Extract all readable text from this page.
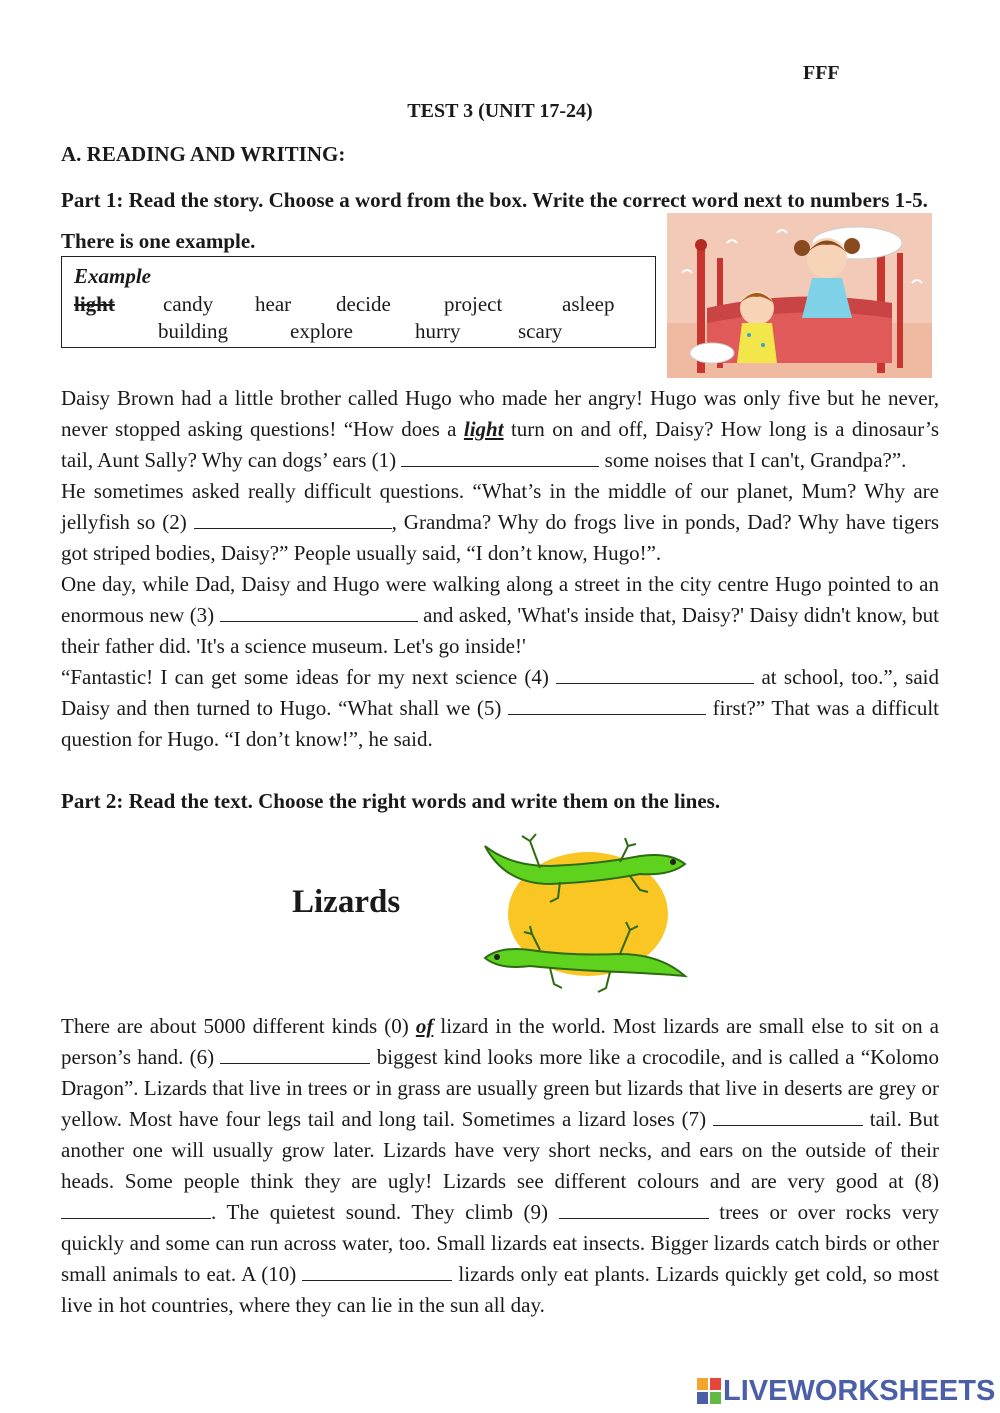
FFF
TEST 3 (UNIT 17-24)
A. READING AND WRITING:
Part 1: Read the story. Choose a word from the box. Write the correct word next to numbers 1-5. There is one example.
Example
light candy hear decide	project	asleep
building	explore	hurry	scary

Daisy Brown had a little brother called Hugo who made her angry! Hugo was only five but he never, never stopped asking questions! “How does a light turn on and off, Daisy? How long is a dinosaur’s tail, Aunt Sally? Why can dogs’ ears (1)	some noises that I can't, Grandpa?”.

He sometimes asked really difficult questions. “What’s in the middle of our planet, Mum? Why are jellyfish so (2)	, Grandma? Why do frogs live in ponds, Dad? Why have tigers got striped bodies, Daisy?” People usually said, “I don’t know, Hugo!”.

One day, while Dad, Daisy and Hugo were walking along a street in the city centre Hugo pointed to an enormous new (3)	and asked, 'What's inside that, Daisy?' Daisy didn't know, but their father did. 'It's a science museum. Let's go inside!'

“Fantastic! I can get some ideas for my next science (4)	at school, too.”, said Daisy and then turned to Hugo. “What shall we (5)	first?” That was a difficult question for Hugo. “I don’t know!”, he said.

Part 2: Read the text. Choose the right words and write them on the lines.
Lizards
There are about 5000 different kinds (0) of lizard in the world. Most lizards are small else to sit on a person’s hand. (6)	biggest kind looks more like a crocodile, and is called a “Kolomo Dragon”. Lizards that live in trees or in grass are usually green but lizards that live in deserts are grey or yellow. Most have four legs tail and long tail. Sometimes a lizard loses (7)	tail. But another one will usually grow later. Lizards have very short necks, and ears on the outside of their heads. Some people think they are ugly! Lizards see different colours and are very good at (8) . The quietest sound. They climb (9)	trees or over rocks very quickly and some can run across water, too. Small lizards eat insects. Bigger lizards catch birds or other small animals to eat. A (10)	lizards only eat plants. Lizards quickly get cold, so most live in hot countries, where they can lie in the sun all day.
LIVEWORKSHEETS
